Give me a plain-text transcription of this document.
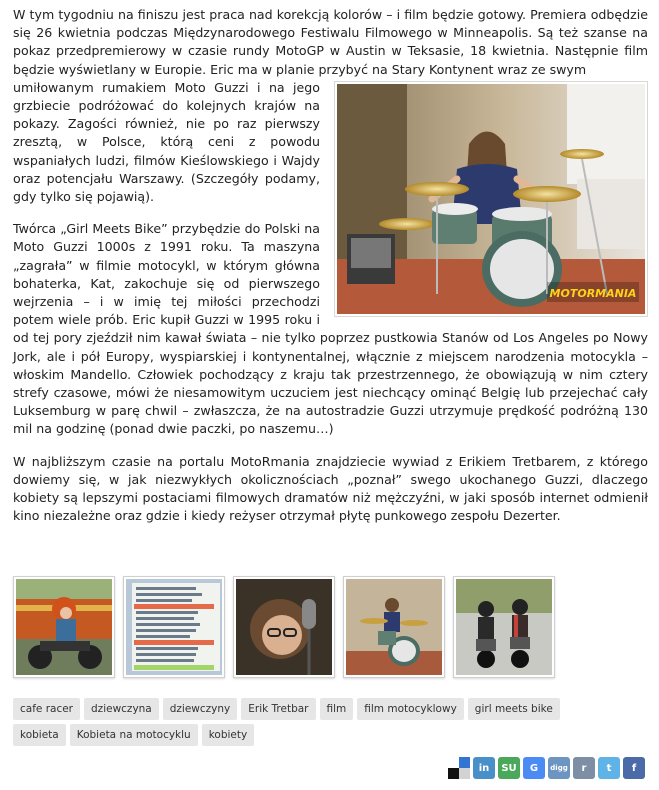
W tym tygodniu na finiszu jest praca nad korekcją kolorów – i film będzie gotowy. Premiera odbędzie się 26 kwietnia podczas Międzynarodowego Festiwalu Filmowego w Minneapolis. Są też szanse na pokaz przedpremierowy w czasie rundy MotoGP w Austin w Teksasie, 18 kwietnia. Następnie film będzie wyświetlany w Europie. Eric ma w planie przybyć na Stary Kontynent wraz ze swym

MOTORMANIA

umiłowanym rumakiem Moto Guzzi i na jego grzbiecie podróżować do kolejnych krajów na pokazy. Zagości również, nie po raz pierwszy zresztą, w Polsce, którą ceni z powodu wspaniałych ludzi, filmów Kieślowskiego i Wajdy oraz potencjału Warszawy. (Szczegóły podamy, gdy tylko się pojawią).

Twórca „Girl Meets Bike” przybędzie do Polski na Moto Guzzi 1000s z 1991 roku. Ta maszyna „zagrała” w filmie motocykl, w którym główna bohaterka, Kat, zakochuje się od pierwszego wejrzenia – i w imię tej miłości przechodzi potem wiele prób. Eric kupił Guzzi w 1995 roku i od tej pory zjeździł nim kawał świata – nie tylko poprzez pustkowia Stanów od Los Angeles po Nowy Jork, ale i pół Europy, wyspiarskiej i kontynentalnej, włącznie z miejscem narodzenia motocykla – włoskim Mandello. Człowiek pochodzący z kraju tak przestrzennego, że obowiązują w nim cztery strefy czasowe, mówi że niesamowitym uczuciem jest niechcący ominąć Belgię lub przejechać cały Luksemburg w parę chwil – zwłaszcza, że na autostradzie Guzzi utrzymuje prędkość podróżną 130 mil na godzinę (ponad dwie paczki, po naszemu…)

W najbliższym czasie na portalu MotoRmania znajdziecie wywiad z Erikiem Tretbarem, z którego dowiemy się, w jak niezwykłych okolicznościach „poznał” swego ukochanego Guzzi, dlaczego kobiety są lepszymi postaciami filmowych dramatów niż mężczyźni, w jaki sposób internet odmienił kino niezależne oraz gdzie i kiedy reżyser otrzymał płytę punkowego zespołu Dezerter.

cafe racer	dziewczyna	dziewczyny	Erik Tretbar	film	film motocyklowy	girl meets bike
kobieta	Kobieta na motocyklu	kobiety
in	SU	G	digg	r	t	f
